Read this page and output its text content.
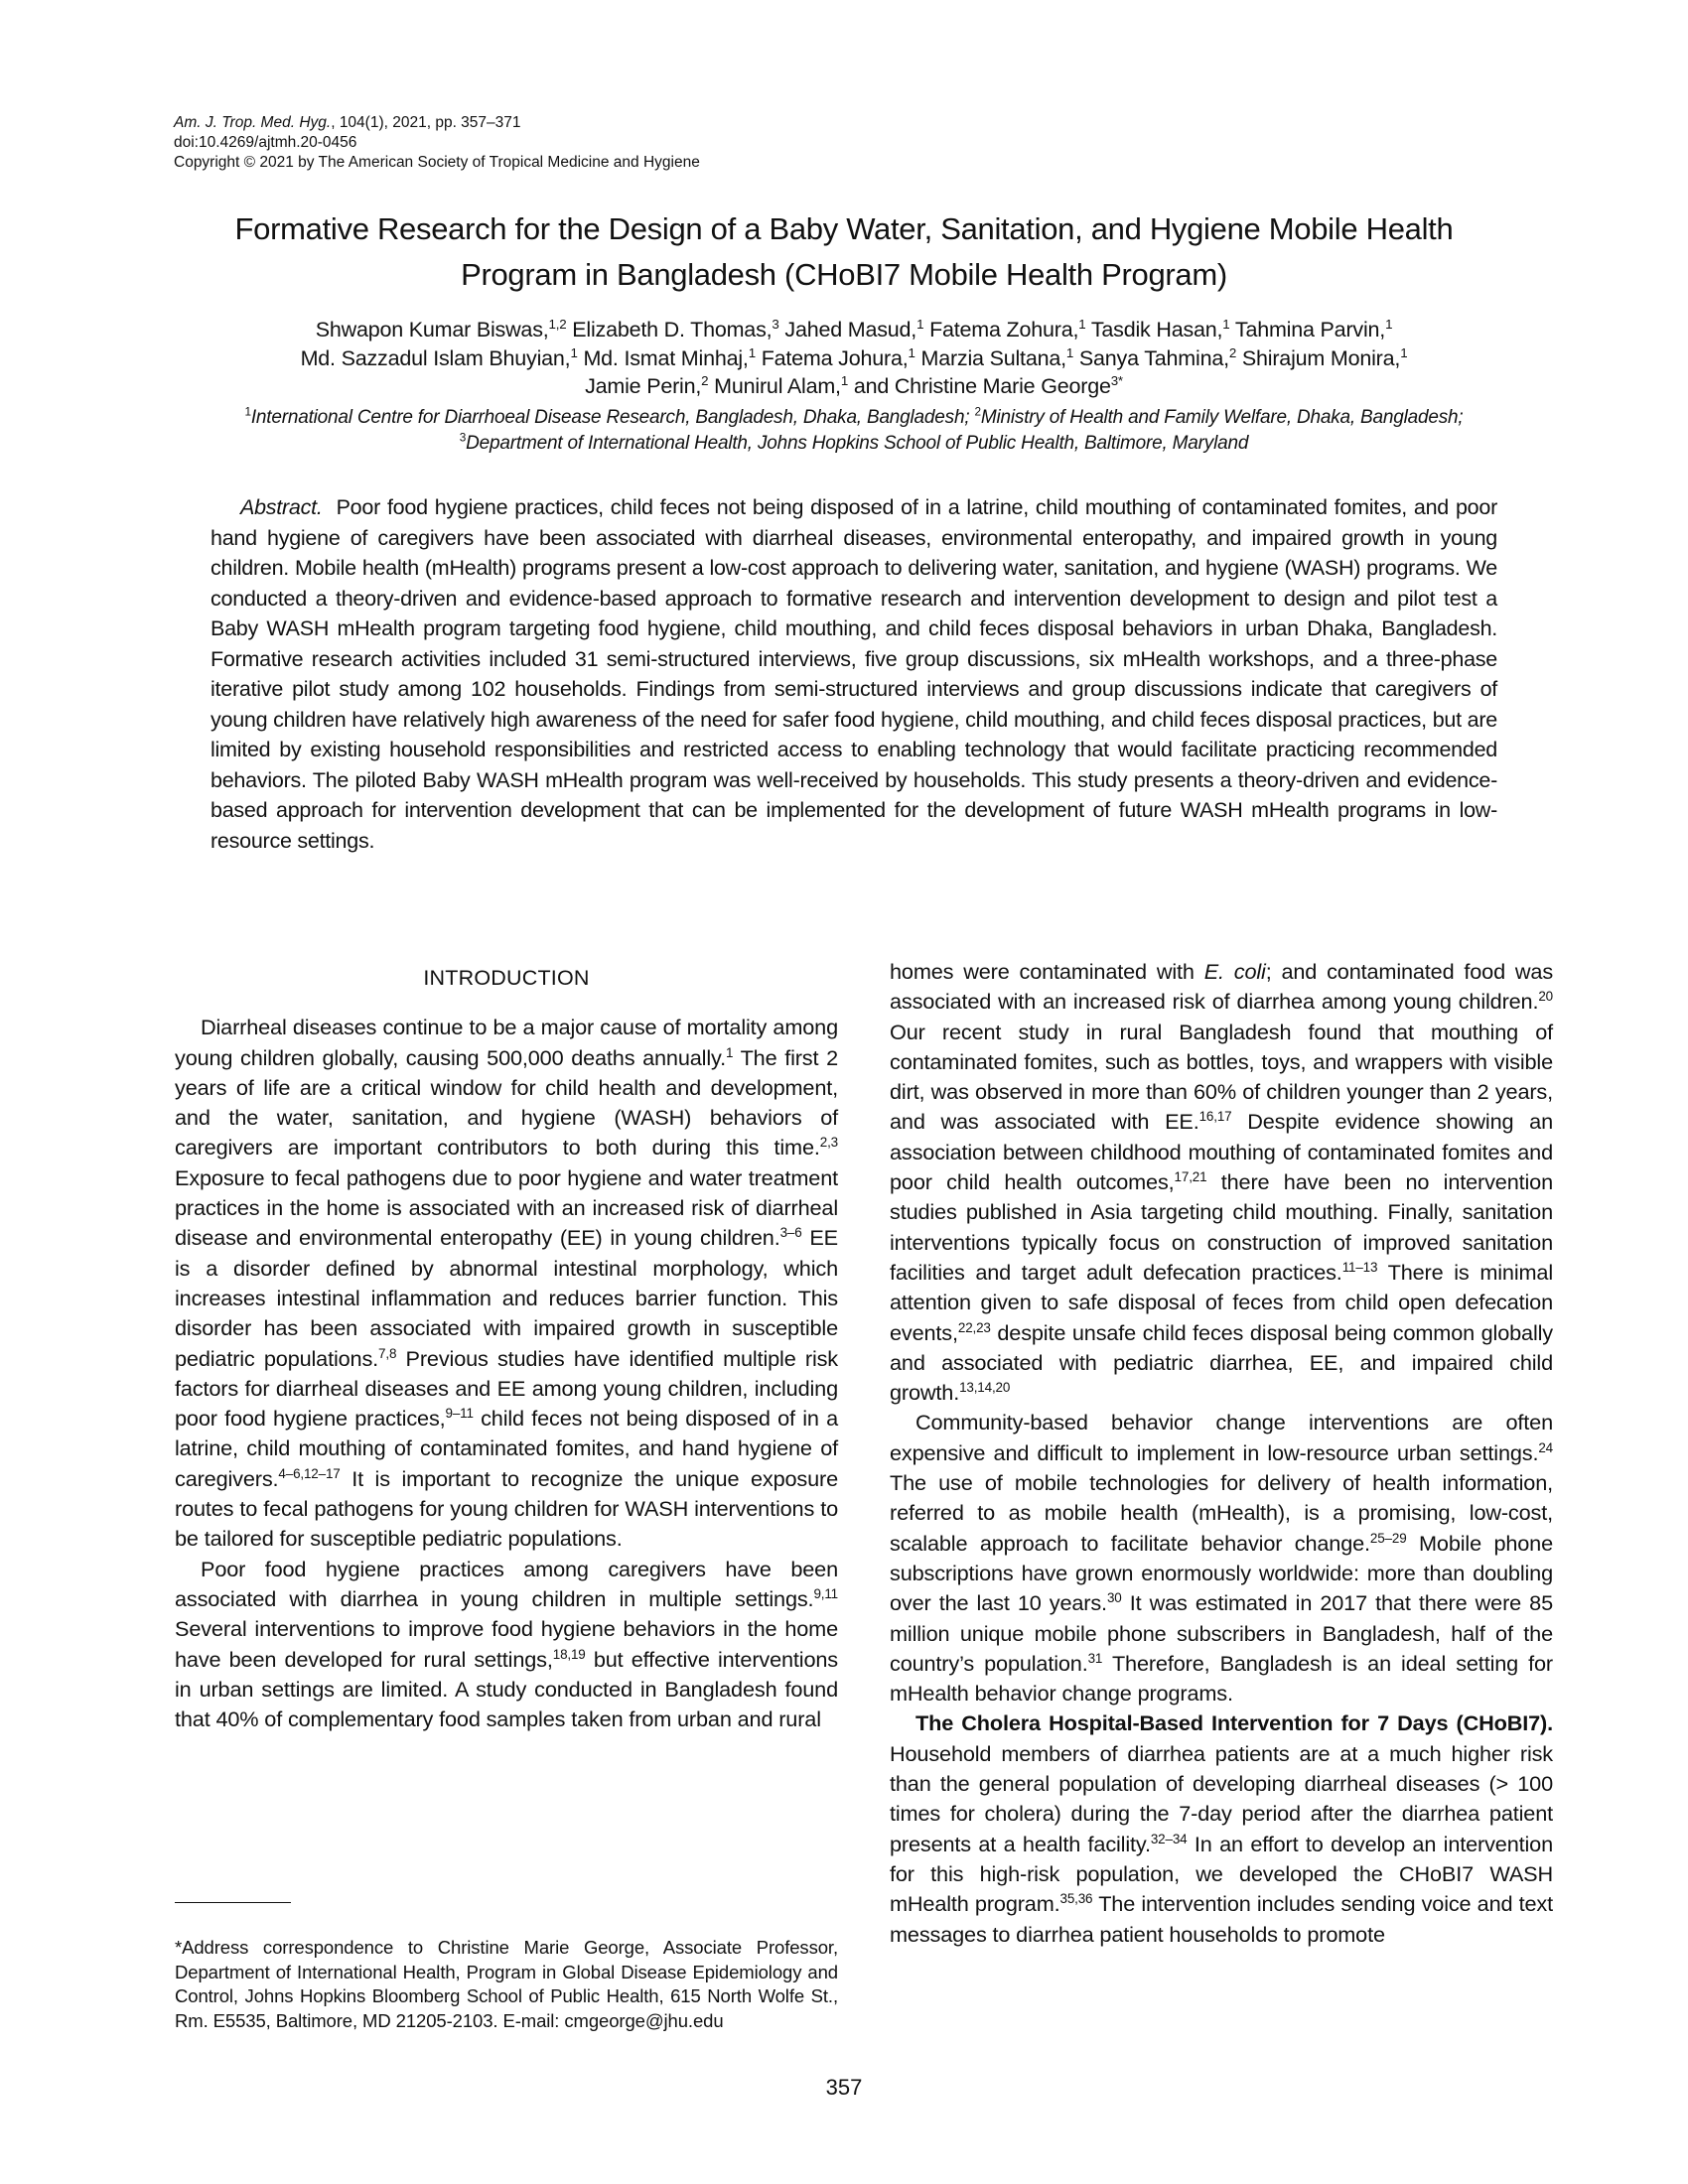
Am. J. Trop. Med. Hyg., 104(1), 2021, pp. 357–371
doi:10.4269/ajtmh.20-0456
Copyright © 2021 by The American Society of Tropical Medicine and Hygiene
Formative Research for the Design of a Baby Water, Sanitation, and Hygiene Mobile Health
Program in Bangladesh (CHoBI7 Mobile Health Program)
Shwapon Kumar Biswas,$^{1,2}$ Elizabeth D. Thomas,$^3$ Jahed Masud,$^1$ Fatema Zohura,$^1$ Tasdik Hasan,$^1$ Tahmina Parvin,$^1$
Md. Sazzadul Islam Bhuyian,$^1$ Md. Ismat Minhaj,$^1$ Fatema Johura,$^1$ Marzia Sultana,$^1$ Sanya Tahmina,$^2$ Shirajum Monira,$^1$
Jamie Perin,$^2$ Munirul Alam,$^1$ and Christine Marie George$^{3*}$
$^1$International Centre for Diarrhoeal Disease Research, Bangladesh, Dhaka, Bangladesh; $^2$Ministry of Health and Family Welfare, Dhaka, Bangladesh; $^3$Department of International Health, Johns Hopkins School of Public Health, Baltimore, Maryland
Abstract. Poor food hygiene practices, child feces not being disposed of in a latrine, child mouthing of contaminated fomites, and poor hand hygiene of caregivers have been associated with diarrheal diseases, environmental enteropathy, and impaired growth in young children. Mobile health (mHealth) programs present a low-cost approach to delivering water, sanitation, and hygiene (WASH) programs. We conducted a theory-driven and evidence-based approach to formative research and intervention development to design and pilot test a Baby WASH mHealth program targeting food hygiene, child mouthing, and child feces disposal behaviors in urban Dhaka, Bangladesh. Formative research activities included 31 semi-structured interviews, five group discussions, six mHealth workshops, and a three-phase iterative pilot study among 102 households. Findings from semi-structured interviews and group discussions indicate that caregivers of young children have relatively high awareness of the need for safer food hygiene, child mouthing, and child feces disposal practices, but are limited by existing household responsibilities and restricted access to enabling technology that would facilitate practicing recommended behaviors. The piloted Baby WASH mHealth program was well-received by households. This study presents a theory-driven and evidence-based approach for intervention development that can be implemented for the development of future WASH mHealth programs in low-resource settings.
INTRODUCTION

Diarrheal diseases continue to be a major cause of mortality among young children globally, causing 500,000 deaths annually.$^1$ The first 2 years of life are a critical window for child health and development, and the water, sanitation, and hygiene (WASH) behaviors of caregivers are important contributors to both during this time.$^{2,3}$ Exposure to fecal pathogens due to poor hygiene and water treatment practices in the home is associated with an increased risk of diarrheal disease and environmental enteropathy (EE) in young children.$^{3-6}$ EE is a disorder defined by abnormal intestinal morphology, which increases intestinal inflammation and reduces barrier function. This disorder has been associated with impaired growth in susceptible pediatric populations.$^{7,8}$ Previous studies have identified multiple risk factors for diarrheal diseases and EE among young children, including poor food hygiene practices,$^{9-11}$ child feces not being disposed of in a latrine, child mouthing of contaminated fomites, and hand hygiene of caregivers.$^{4-6,12-17}$ It is important to recognize the unique exposure routes to fecal pathogens for young children for WASH interventions to be tailored for susceptible pediatric populations.

Poor food hygiene practices among caregivers have been associated with diarrhea in young children in multiple settings.$^{9,11}$ Several interventions to improve food hygiene behaviors in the home have been developed for rural settings,$^{18,19}$ but effective interventions in urban settings are limited. A study conducted in Bangladesh found that 40% of complementary food samples taken from urban and rural

homes were contaminated with E. coli; and contaminated food was associated with an increased risk of diarrhea among young children.$^{20}$ Our recent study in rural Bangladesh found that mouthing of contaminated fomites, such as bottles, toys, and wrappers with visible dirt, was observed in more than 60% of children younger than 2 years, and was associated with EE.$^{16,17}$ Despite evidence showing an association between childhood mouthing of contaminated fomites and poor child health outcomes,$^{17,21}$ there have been no intervention studies published in Asia targeting child mouthing. Finally, sanitation interventions typically focus on construction of improved sanitation facilities and target adult defecation practices.$^{11-13}$ There is minimal attention given to safe disposal of feces from child open defecation events,$^{22,23}$ despite unsafe child feces disposal being common globally and associated with pediatric diarrhea, EE, and impaired child growth.$^{13,14,20}$

Community-based behavior change interventions are often expensive and difficult to implement in low-resource urban settings.$^{24}$ The use of mobile technologies for delivery of health information, referred to as mobile health (mHealth), is a promising, low-cost, scalable approach to facilitate behavior change.$^{25-29}$ Mobile phone subscriptions have grown enormously worldwide: more than doubling over the last 10 years.$^{30}$ It was estimated in 2017 that there were 85 million unique mobile phone subscribers in Bangladesh, half of the country’s population.$^{31}$ Therefore, Bangladesh is an ideal setting for mHealth behavior change programs.

The Cholera Hospital-Based Intervention for 7 Days (CHoBI7). Household members of diarrhea patients are at a much higher risk than the general population of developing diarrheal diseases (> 100 times for cholera) during the 7-day period after the diarrhea patient presents at a health facility.$^{32-34}$ In an effort to develop an intervention for this high-risk population, we developed the CHoBI7 WASH mHealth program.$^{35,36}$ The intervention includes sending voice and text messages to diarrhea patient households to promote

*Address correspondence to Christine Marie George, Associate Professor, Department of International Health, Program in Global Disease Epidemiology and Control, Johns Hopkins Bloomberg School of Public Health, 615 North Wolfe St., Rm. E5535, Baltimore, MD 21205-2103. E-mail: cmgeorge@jhu.edu
357
